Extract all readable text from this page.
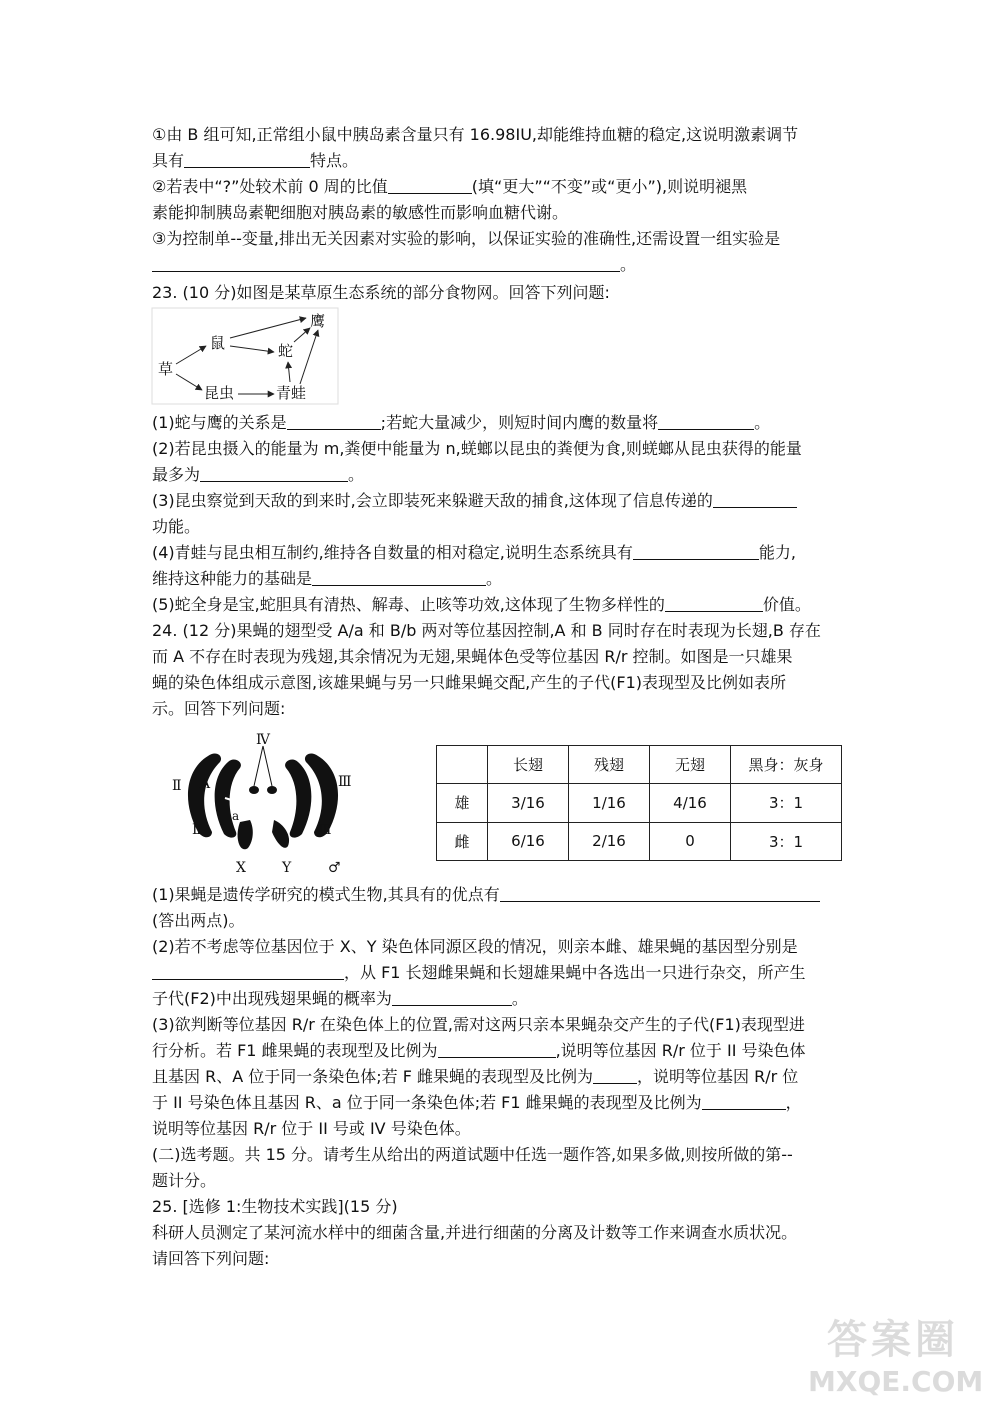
①由 B 组可知,正常组小鼠中胰岛素含量只有 16.98IU,却能维持血糖的稳定,这说明激素调节
具有	特点。
②若表中“?”处较术前 0 周的比值	(填“更大”“不变”或“更小”),则说明褪黑
素能抑制胰岛素靶细胞对胰岛素的敏感性而影响血糖代谢。
③为控制单--变量,排出无关因素对实验的影响，以保证实验的准确性,还需设置一组实验是
。
23. (10 分)如图是某草原生态系统的部分食物网。回答下列问题:
草
鼠
昆虫
蛇
青蛙
鹰
(1)蛇与鹰的关系是	;若蛇大量减少，则短时间内鹰的数量将	。
(2)若昆虫摄入的能量为 m,粪便中能量为 n,蜣螂以昆虫的粪便为食,则蜣螂从昆虫获得的能量
最多为	。
(3)昆虫察觉到天敌的到来时,会立即装死来躲避天敌的捕食,这体现了信息传递的
功能。
(4)青蛙与昆虫相互制约,维持各自数量的相对稳定,说明生态系统具有	能力,
维持这种能力的基础是	。
(5)蛇全身是宝,蛇胆具有清热、解毒、止咳等功效,这体现了生物多样性的	价值。
24. (12 分)果蝇的翅型受 A/a 和 B/b 两对等位基因控制,A 和 B 同时存在时表现为长翅,B 存在
而 A 不存在时表现为残翅,其余情况为无翅,果蝇体色受等位基因 R/r 控制。如图是一只雄果
蝇的染色体组成示意图,该雄果蝇与另一只雌果蝇交配,产生的子代(F1)表现型及比例如表所
示。回答下列问题:
Ⅳ
Ⅱ
Ⅱ
Ⅲ
Ⅲ
A
a
X	Y	♂
	长翅	残翅	无翅	黑身：灰身
雄	3/16	1/16	4/16	3：1
雌	6/16	2/16	0	3：1
(1)果蝇是遗传学研究的模式生物,其具有的优点有
(答出两点)。
(2)若不考虑等位基因位于 X、Y 染色体同源区段的情况，则亲本雌、雄果蝇的基因型分别是
，从 F1 长翅雌果蝇和长翅雄果蝇中各选出一只进行杂交，所产生
子代(F2)中出现残翅果蝇的概率为	。
(3)欲判断等位基因 R/r 在染色体上的位置,需对这两只亲本果蝇杂交产生的子代(F1)表现型进
行分析。若 F1 雌果蝇的表现型及比例为	,说明等位基因 R/r 位于 II 号染色体
且基因 R、A 位于同一条染色体;若 F 雌果蝇的表现型及比例为	，说明等位基因 R/r 位
于 II 号染色体且基因 R、a 位于同一条染色体;若 F1 雌果蝇的表现型及比例为	，
说明等位基因 R/r 位于 II 号或 IV 号染色体。
(二)选考题。共 15 分。请考生从给出的两道试题中任选一题作答,如果多做,则按所做的第--
题计分。
25. [选修 1:生物技术实践](15 分)
科研人员测定了某河流水样中的细菌含量,并进行细菌的分离及计数等工作来调查水质状况。
请回答下列问题:
答案圈
MXQE.COM
